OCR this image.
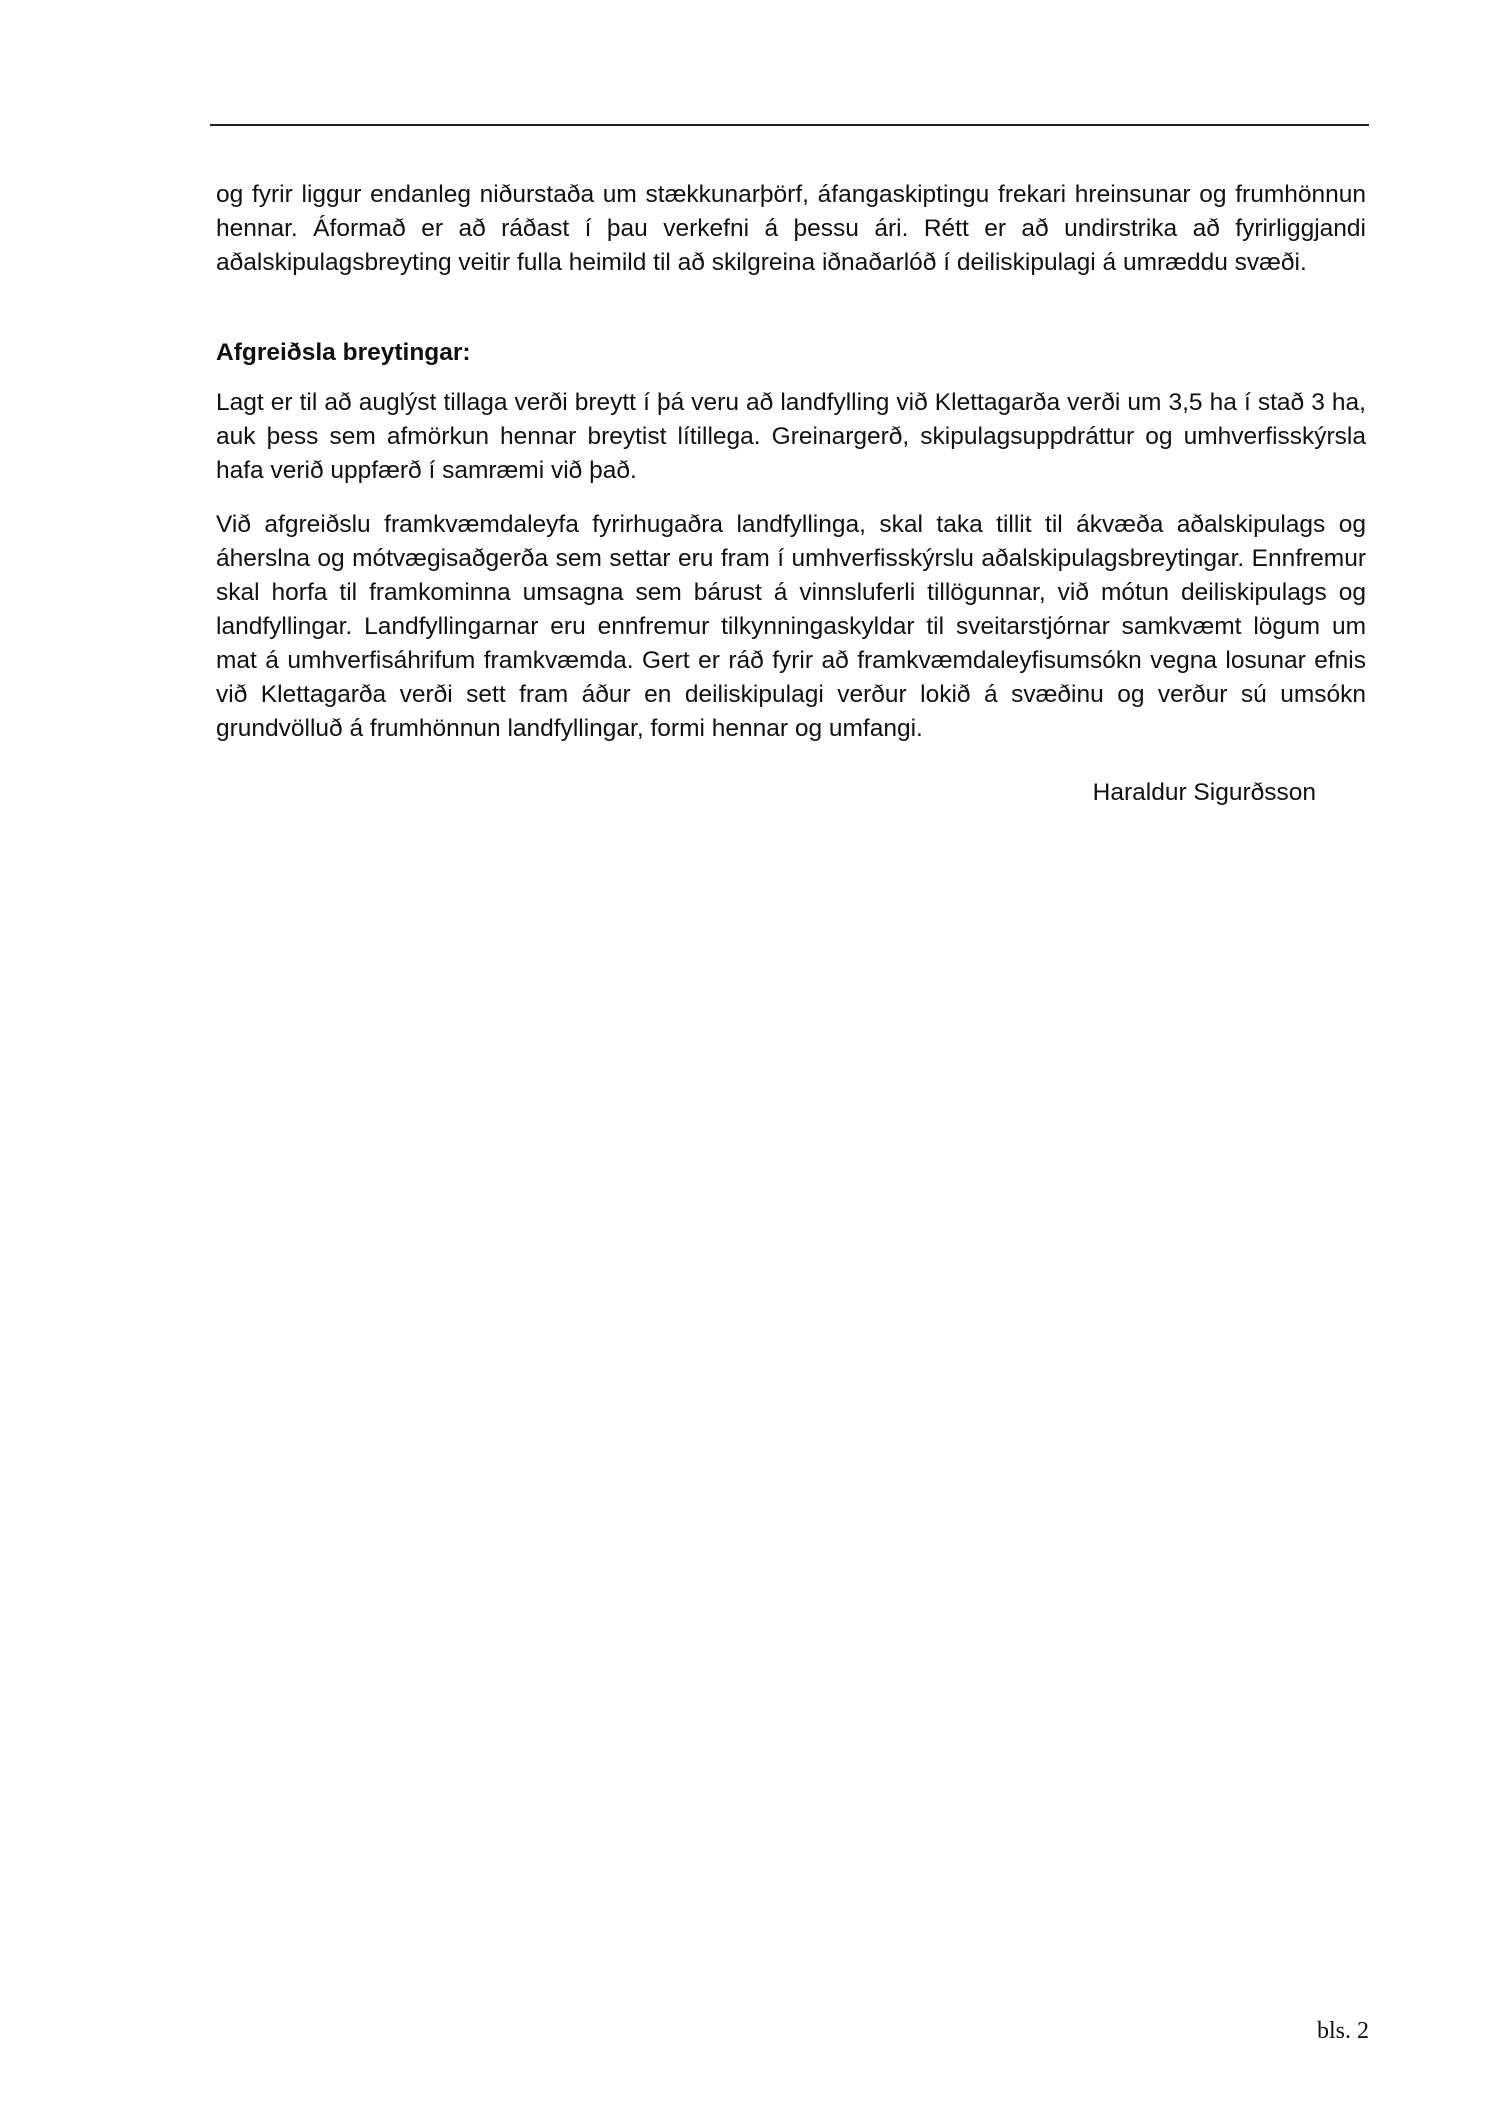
og fyrir liggur endanleg niðurstaða um stækkunarþörf, áfangaskiptingu frekari hreinsunar og frumhönnun hennar. Áformað er að ráðast í þau verkefni á þessu ári. Rétt er að undirstrika að fyrirliggjandi aðalskipulagsbreyting veitir fulla heimild til að skilgreina iðnaðarlóð í deiliskipulagi á umræddu svæði.

Afgreiðsla breytingar:

Lagt er til að auglýst tillaga verði breytt í þá veru að landfylling við Klettagarða verði um 3,5 ha í stað 3 ha, auk þess sem afmörkun hennar breytist lítillega. Greinargerð, skipulagsuppdráttur og umhverfisskýrsla hafa verið uppfærð í samræmi við það.

Við afgreiðslu framkvæmdaleyfa fyrirhugaðra landfyllinga, skal taka tillit til ákvæða aðalskipulags og áherslna og mótvægisaðgerða sem settar eru fram í umhverfisskýrslu aðalskipulagsbreytingar. Ennfremur skal horfa til framkominna umsagna sem bárust á vinnsluferli tillögunnar, við mótun deiliskipulags og landfyllingar. Landfyllingarnar eru ennfremur tilkynningaskyldar til sveitarstjórnar samkvæmt lögum um mat á umhverfisáhrifum framkvæmda. Gert er ráð fyrir að framkvæmdaleyfisumsókn vegna losunar efnis við Klettagarða verði sett fram áður en deiliskipulagi verður lokið á svæðinu og verður sú umsókn grundvölluð á frumhönnun landfyllingar, formi hennar og umfangi.

Haraldur Sigurðsson

bls. 2
